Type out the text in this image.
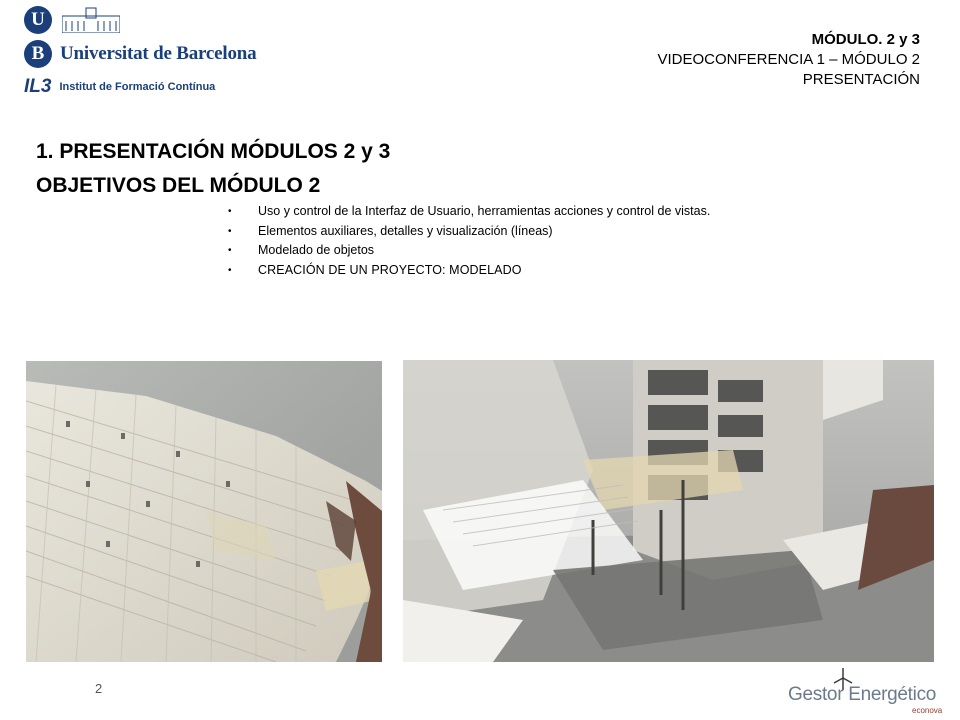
U
B Universitat de Barcelona
IL3 Institut de Formació Contínua
MÓDULO. 2 y 3
VIDEOCONFERENCIA 1 – MÓDULO 2
PRESENTACIÓN
1. PRESENTACIÓN MÓDULOS 2 y 3
OBJETIVOS DEL MÓDULO 2
•	Uso y control de la Interfaz de Usuario, herramientas acciones y control de vistas.
•	Elementos auxiliares, detalles y visualización (líneas)
•	Modelado de objetos
•	CREACIÓN DE UN PROYECTO: MODELADO
2	Gestor Energético
econova
